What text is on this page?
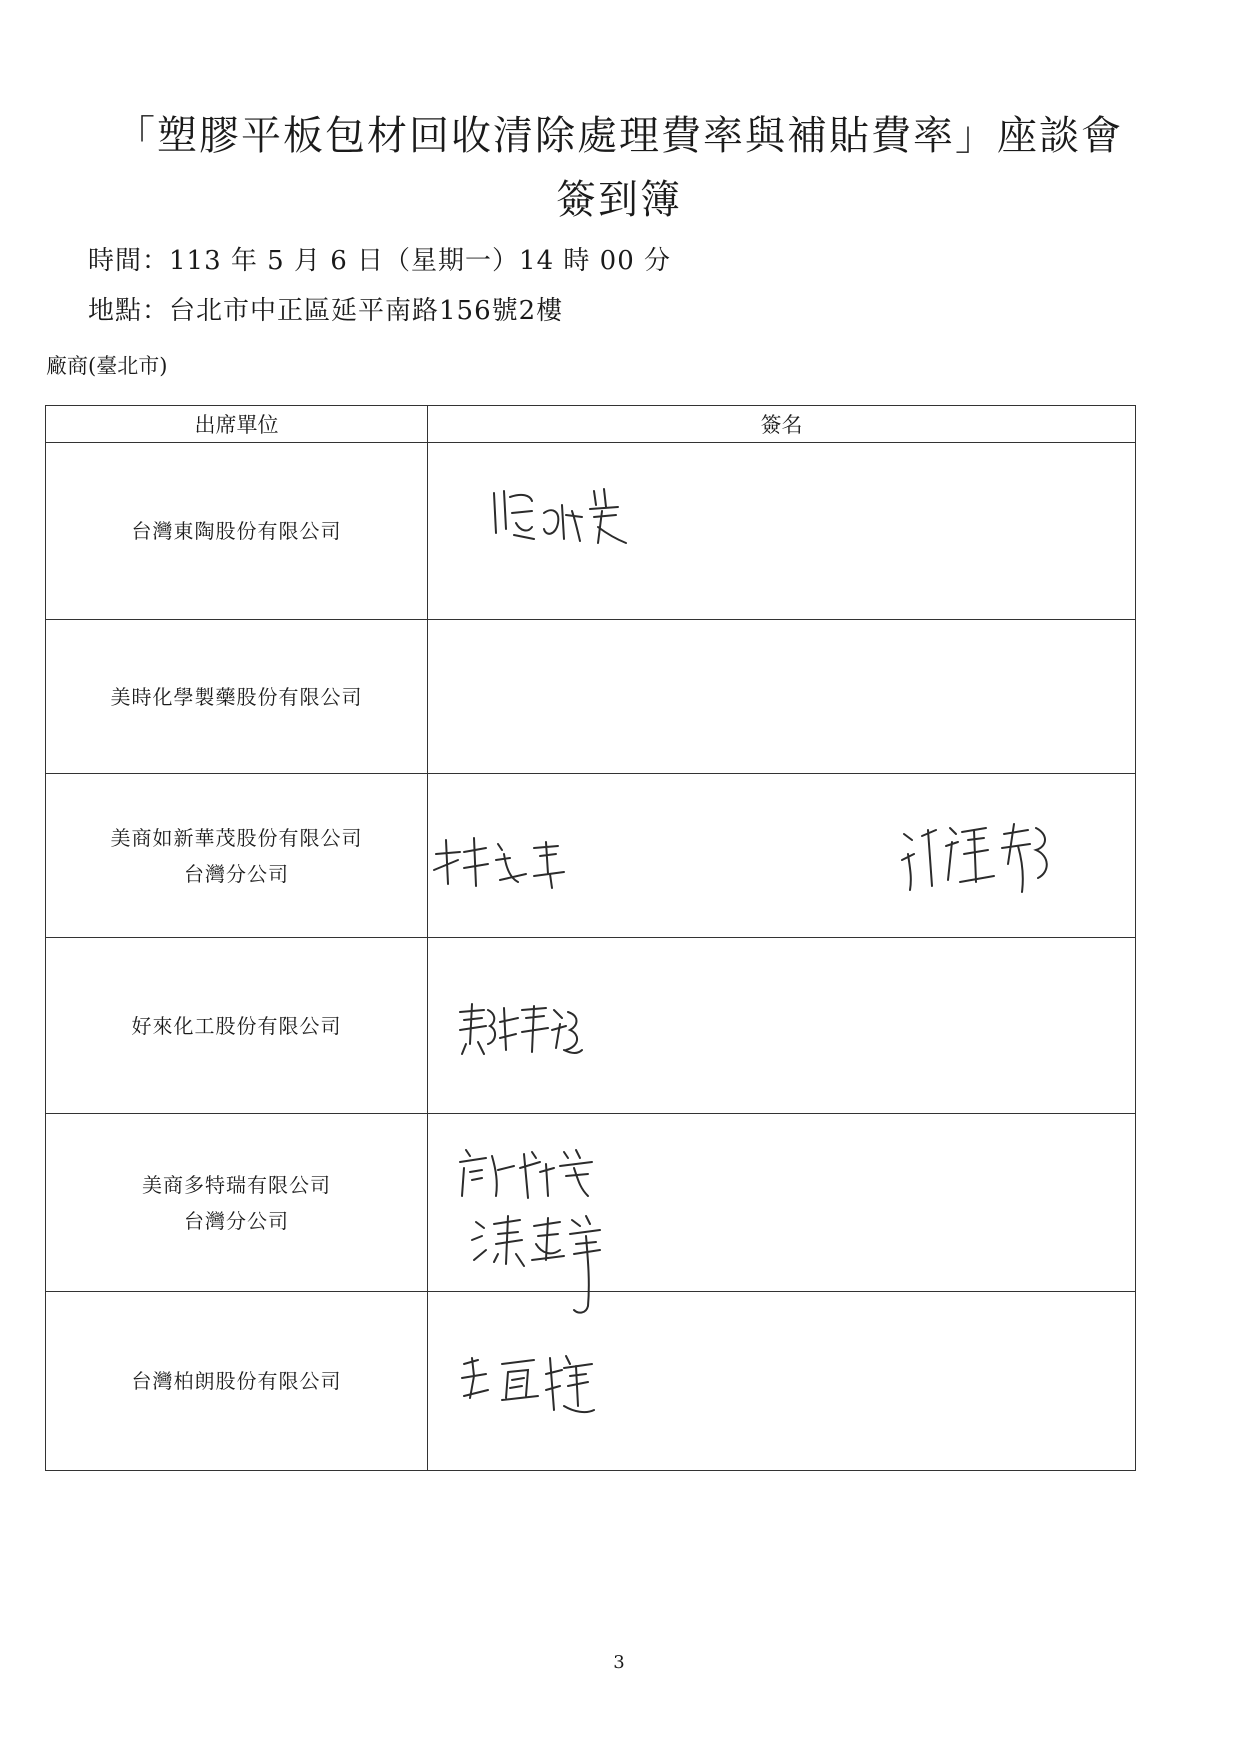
「塑膠平板包材回收清除處理費率與補貼費率」座談會
簽到簿
時間：113 年 5 月 6 日（星期一）14 時 00 分
地點：台北市中正區延平南路156號2樓
廠商(臺北市)
出席單位	簽名

台灣東陶股份有限公司

美時化學製藥股份有限公司	

美商如新華茂股份有限公司
台灣分公司

好來化工股份有限公司

美商多特瑞有限公司
台灣分公司

台灣柏朗股份有限公司

3
